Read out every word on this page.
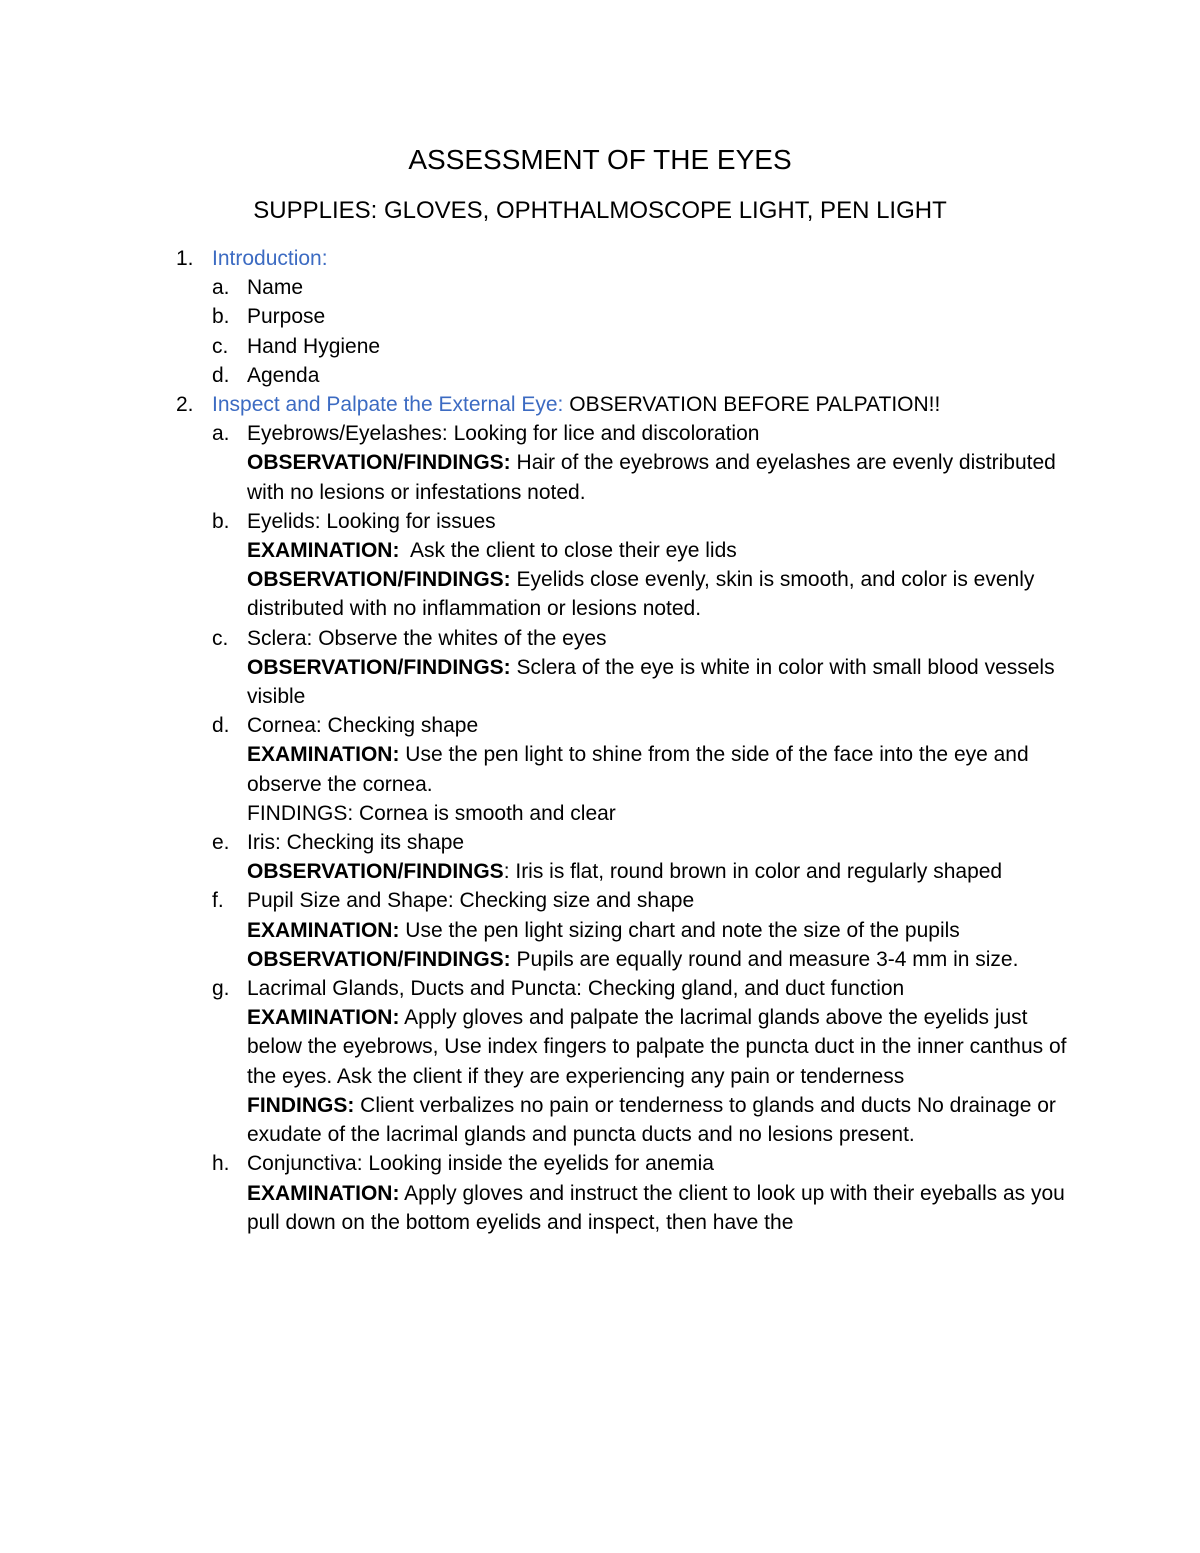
ASSESSMENT OF THE EYES
SUPPLIES: GLOVES, OPHTHALMOSCOPE LIGHT, PEN LIGHT
1. Introduction:
a. Name
b. Purpose
c. Hand Hygiene
d. Agenda
2. Inspect and Palpate the External Eye: OBSERVATION BEFORE PALPATION!!
a. Eyebrows/Eyelashes: Looking for lice and discoloration
OBSERVATION/FINDINGS: Hair of the eyebrows and eyelashes are evenly distributed with no lesions or infestations noted.
b. Eyelids: Looking for issues
EXAMINATION:  Ask the client to close their eye lids
OBSERVATION/FINDINGS: Eyelids close evenly, skin is smooth, and color is evenly distributed with no inflammation or lesions noted.
c. Sclera: Observe the whites of the eyes
OBSERVATION/FINDINGS: Sclera of the eye is white in color with small blood vessels visible
d. Cornea: Checking shape
EXAMINATION: Use the pen light to shine from the side of the face into the eye and observe the cornea.
FINDINGS: Cornea is smooth and clear
e. Iris: Checking its shape
OBSERVATION/FINDINGS: Iris is flat, round brown in color and regularly shaped
f. Pupil Size and Shape: Checking size and shape
EXAMINATION: Use the pen light sizing chart and note the size of the pupils
OBSERVATION/FINDINGS: Pupils are equally round and measure 3-4 mm in size.
g. Lacrimal Glands, Ducts and Puncta: Checking gland, and duct function
EXAMINATION: Apply gloves and palpate the lacrimal glands above the eyelids just below the eyebrows, Use index fingers to palpate the puncta duct in the inner canthus of the eyes. Ask the client if they are experiencing any pain or tenderness
FINDINGS: Client verbalizes no pain or tenderness to glands and ducts No drainage or exudate of the lacrimal glands and puncta ducts and no lesions present.
h. Conjunctiva: Looking inside the eyelids for anemia
EXAMINATION: Apply gloves and instruct the client to look up with their eyeballs as you pull down on the bottom eyelids and inspect, then have the
